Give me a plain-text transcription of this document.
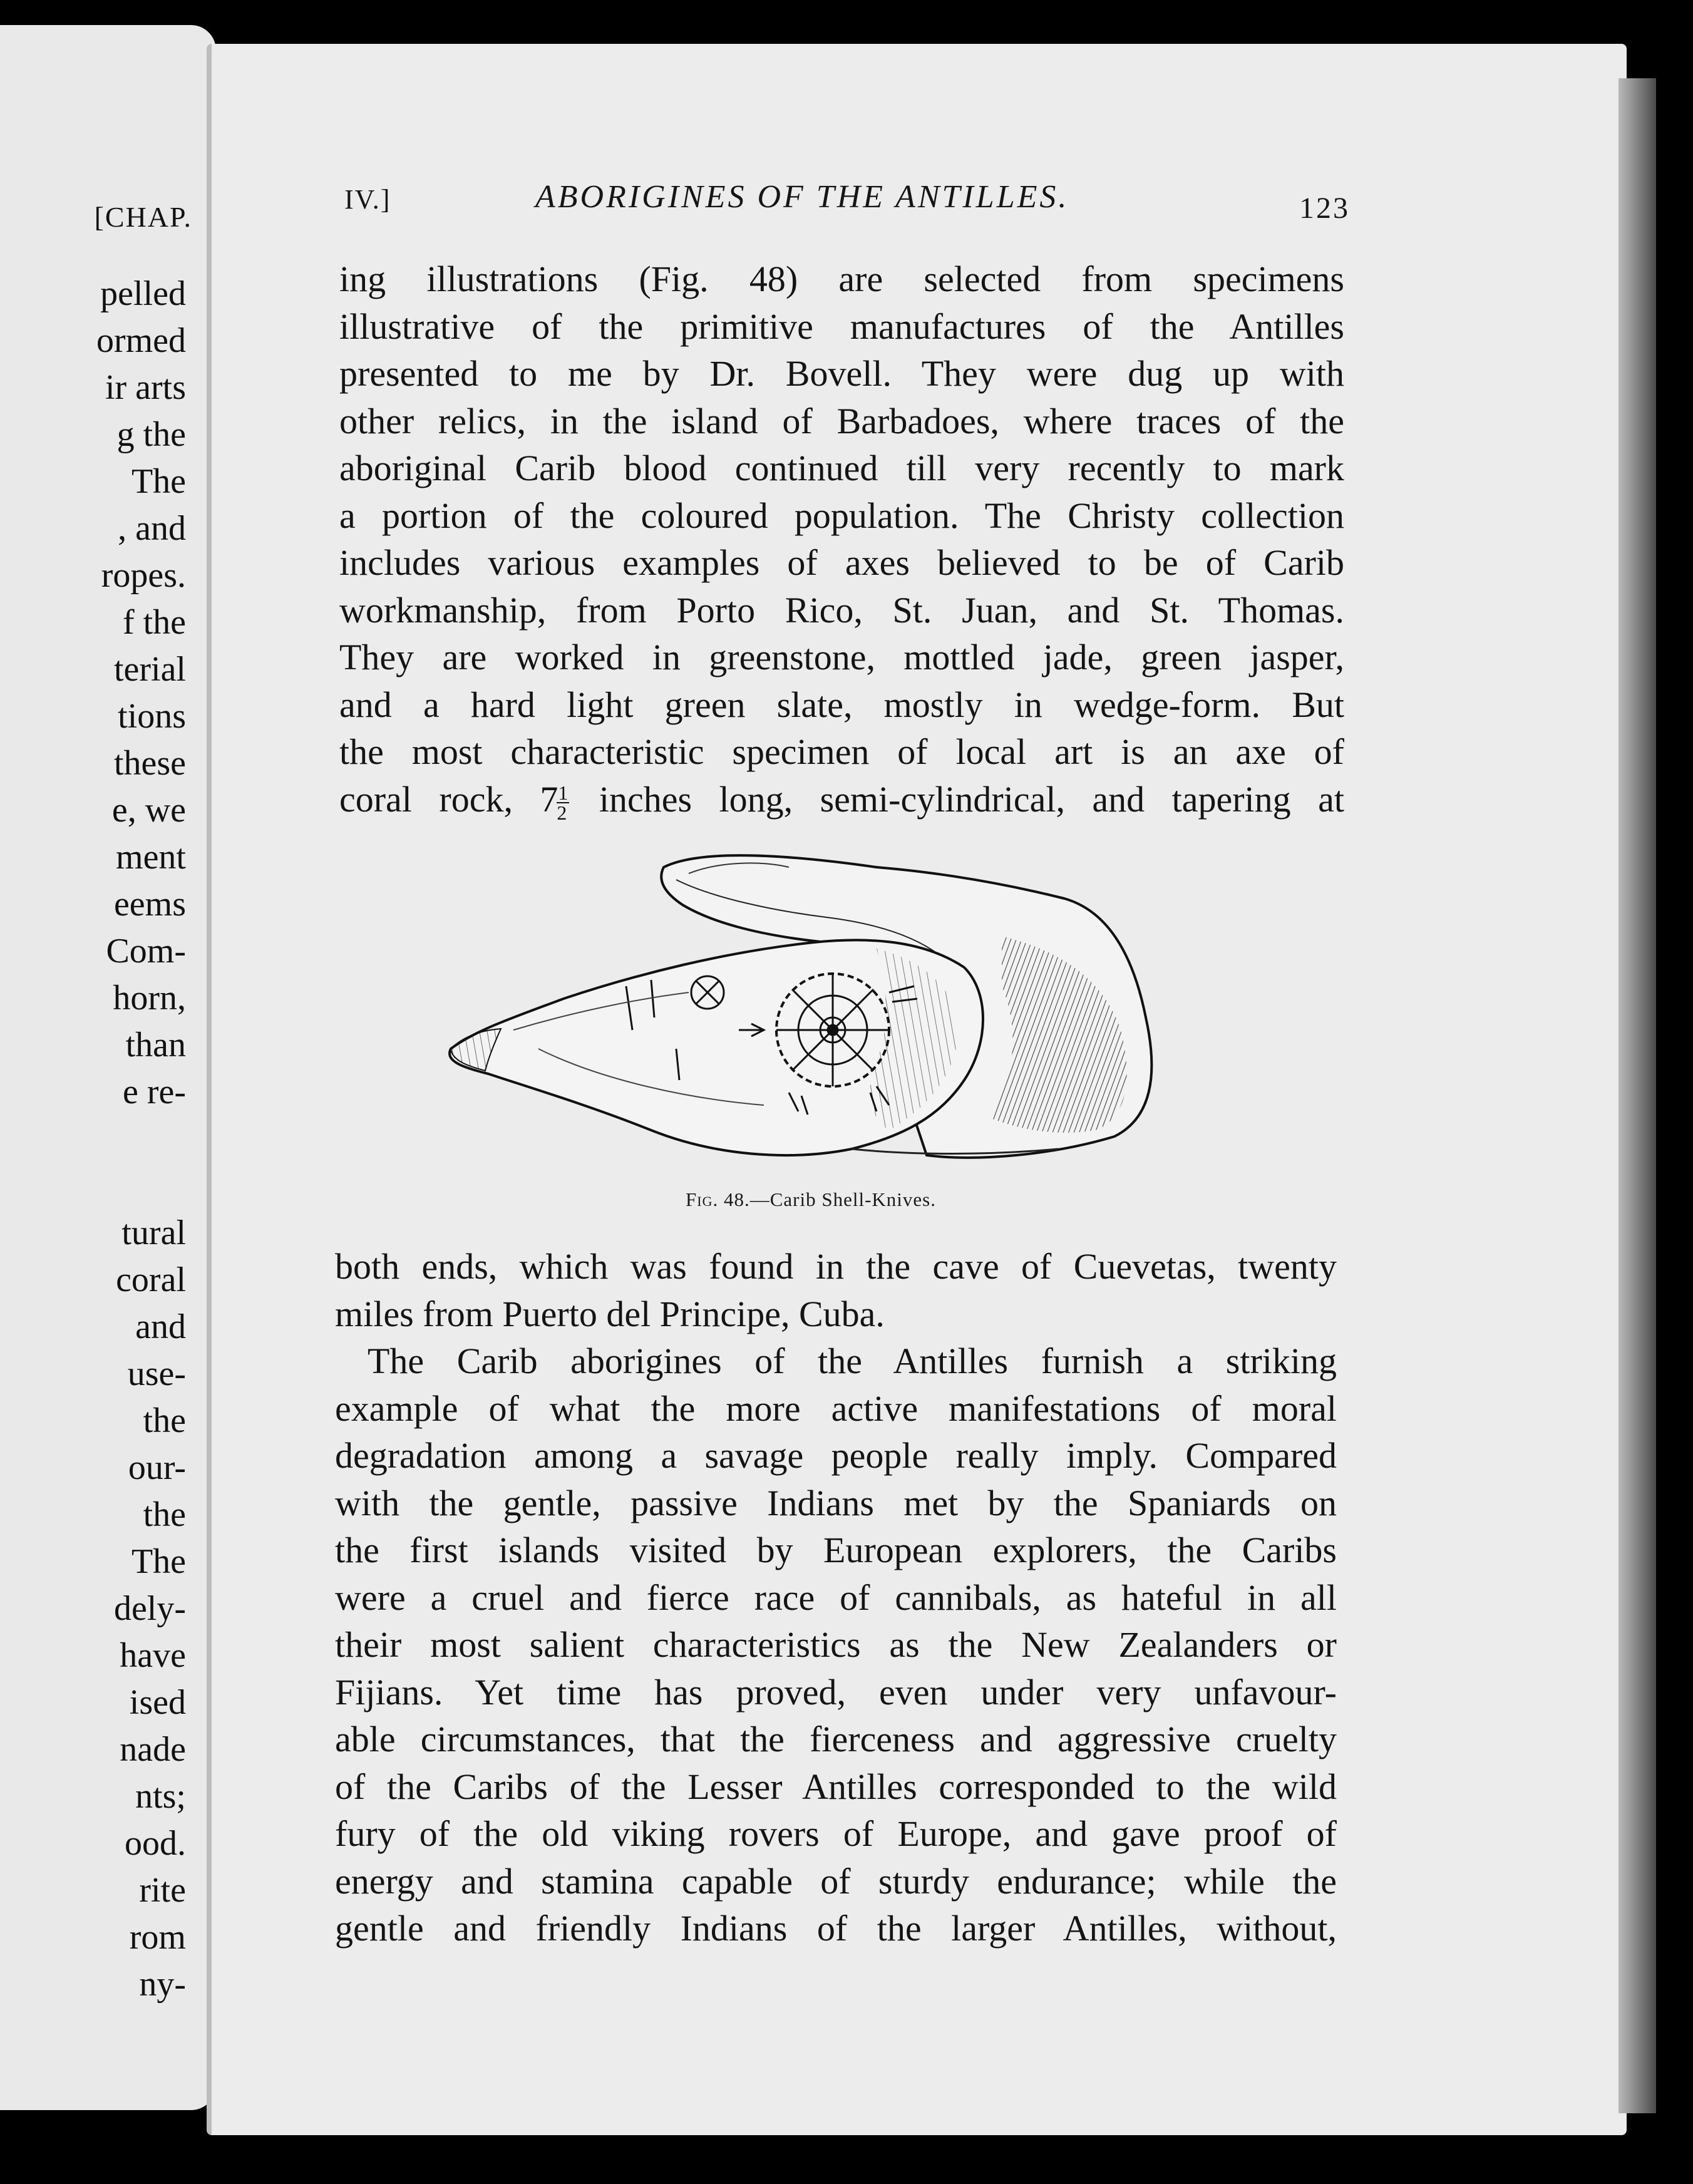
[CHAP.
pelled
ormed
ir arts
g the
The
, and
ropes.
f the
terial
tions
these
e, we
ment
eems
Com-
horn,
than
e re-
tural
coral
and
use-
the
our-
the
The
dely-
have
ised
nade
nts;
ood.
rite
rom
ny-
IV.]	ABORIGINES OF THE ANTILLES.	123
ing illustrations (Fig. 48) are selected from specimens
illustrative of the primitive manufactures of the Antilles
presented to me by Dr. Bovell. They were dug up with
other relics, in the island of Barbadoes, where traces of the
aboriginal Carib blood continued till very recently to mark
a portion of the coloured population. The Christy collection
includes various examples of axes believed to be of Carib
workmanship, from Porto Rico, St. Juan, and St. Thomas.
They are worked in greenstone, mottled jade, green jasper,
and a hard light green slate, mostly in wedge-form. But
the most characteristic specimen of local art is an axe of
coral rock, 7
$\frac{1}{2}$ inches long, semi-cylindrical, and tapering at
Fig. 48.—Carib Shell-Knives.
both ends, which was found in the cave of Cuevetas, twenty
miles from Puerto del Principe, Cuba.
The Carib aborigines of the Antilles furnish a striking
example of what the more active manifestations of moral
degradation among a savage people really imply. Compared
with the gentle, passive Indians met by the Spaniards on
the first islands visited by European explorers, the Caribs
were a cruel and fierce race of cannibals, as hateful in all
their most salient characteristics as the New Zealanders or
Fijians. Yet time has proved, even under very unfavour-
able circumstances, that the fierceness and aggressive cruelty
of the Caribs of the Lesser Antilles corresponded to the wild
fury of the old viking rovers of Europe, and gave proof of
energy and stamina capable of sturdy endurance; while the
gentle and friendly Indians of the larger Antilles, without,
